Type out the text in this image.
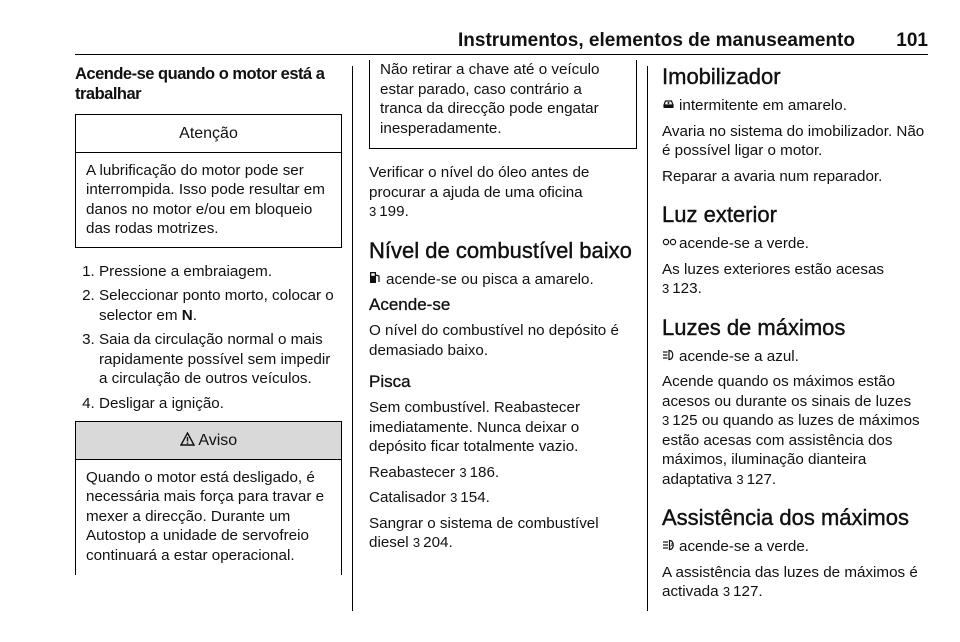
Instrumentos, elementos de manuseamento 101
Acende-se quando o motor está a trabalhar
Atenção
A lubrificação do motor pode ser interrompida. Isso pode resultar em danos no motor e/ou em bloqueio das rodas motrizes.
1. Pressione a embraiagem.
2. Seleccionar ponto morto, colocar o selector em N.
3. Saia da circulação normal o mais rapidamente possível sem impedir a circulação de outros veículos.
4. Desligar a ignição.
Aviso
Quando o motor está desligado, é necessária mais força para travar e mexer a direcção. Durante um Autostop a unidade de servofreio continuará a estar operacional.
Não retirar a chave até o veículo estar parado, caso contrário a tranca da direcção pode engatar inesperadamente.

Verificar o nível do óleo antes de procurar a ajuda de uma oficina
3 199.

Nível de combustível baixo

acende-se ou pisca a amarelo.

Acende-se

O nível do combustível no depósito é demasiado baixo.

Pisca

Sem combustível. Reabastecer imediatamente. Nunca deixar o depósito ficar totalmente vazio.

Reabastecer 3 186.

Catalisador 3 154.

Sangrar o sistema de combustível diesel 3 204.

Imobilizador

intermitente em amarelo.

Avaria no sistema do imobilizador. Não é possível ligar o motor.

Reparar a avaria num reparador.

Luz exterior

acende-se a verde.

As luzes exteriores estão acesas
3 123.

Luzes de máximos

acende-se a azul.

Acende quando os máximos estão acesos ou durante os sinais de luzes
3 125 ou quando as luzes de máximos estão acesas com assistência dos máximos, iluminação dianteira adaptativa 3 127.

Assistência dos máximos

A acende-se a verde.

A assistência das luzes de máximos é activada 3 127.
